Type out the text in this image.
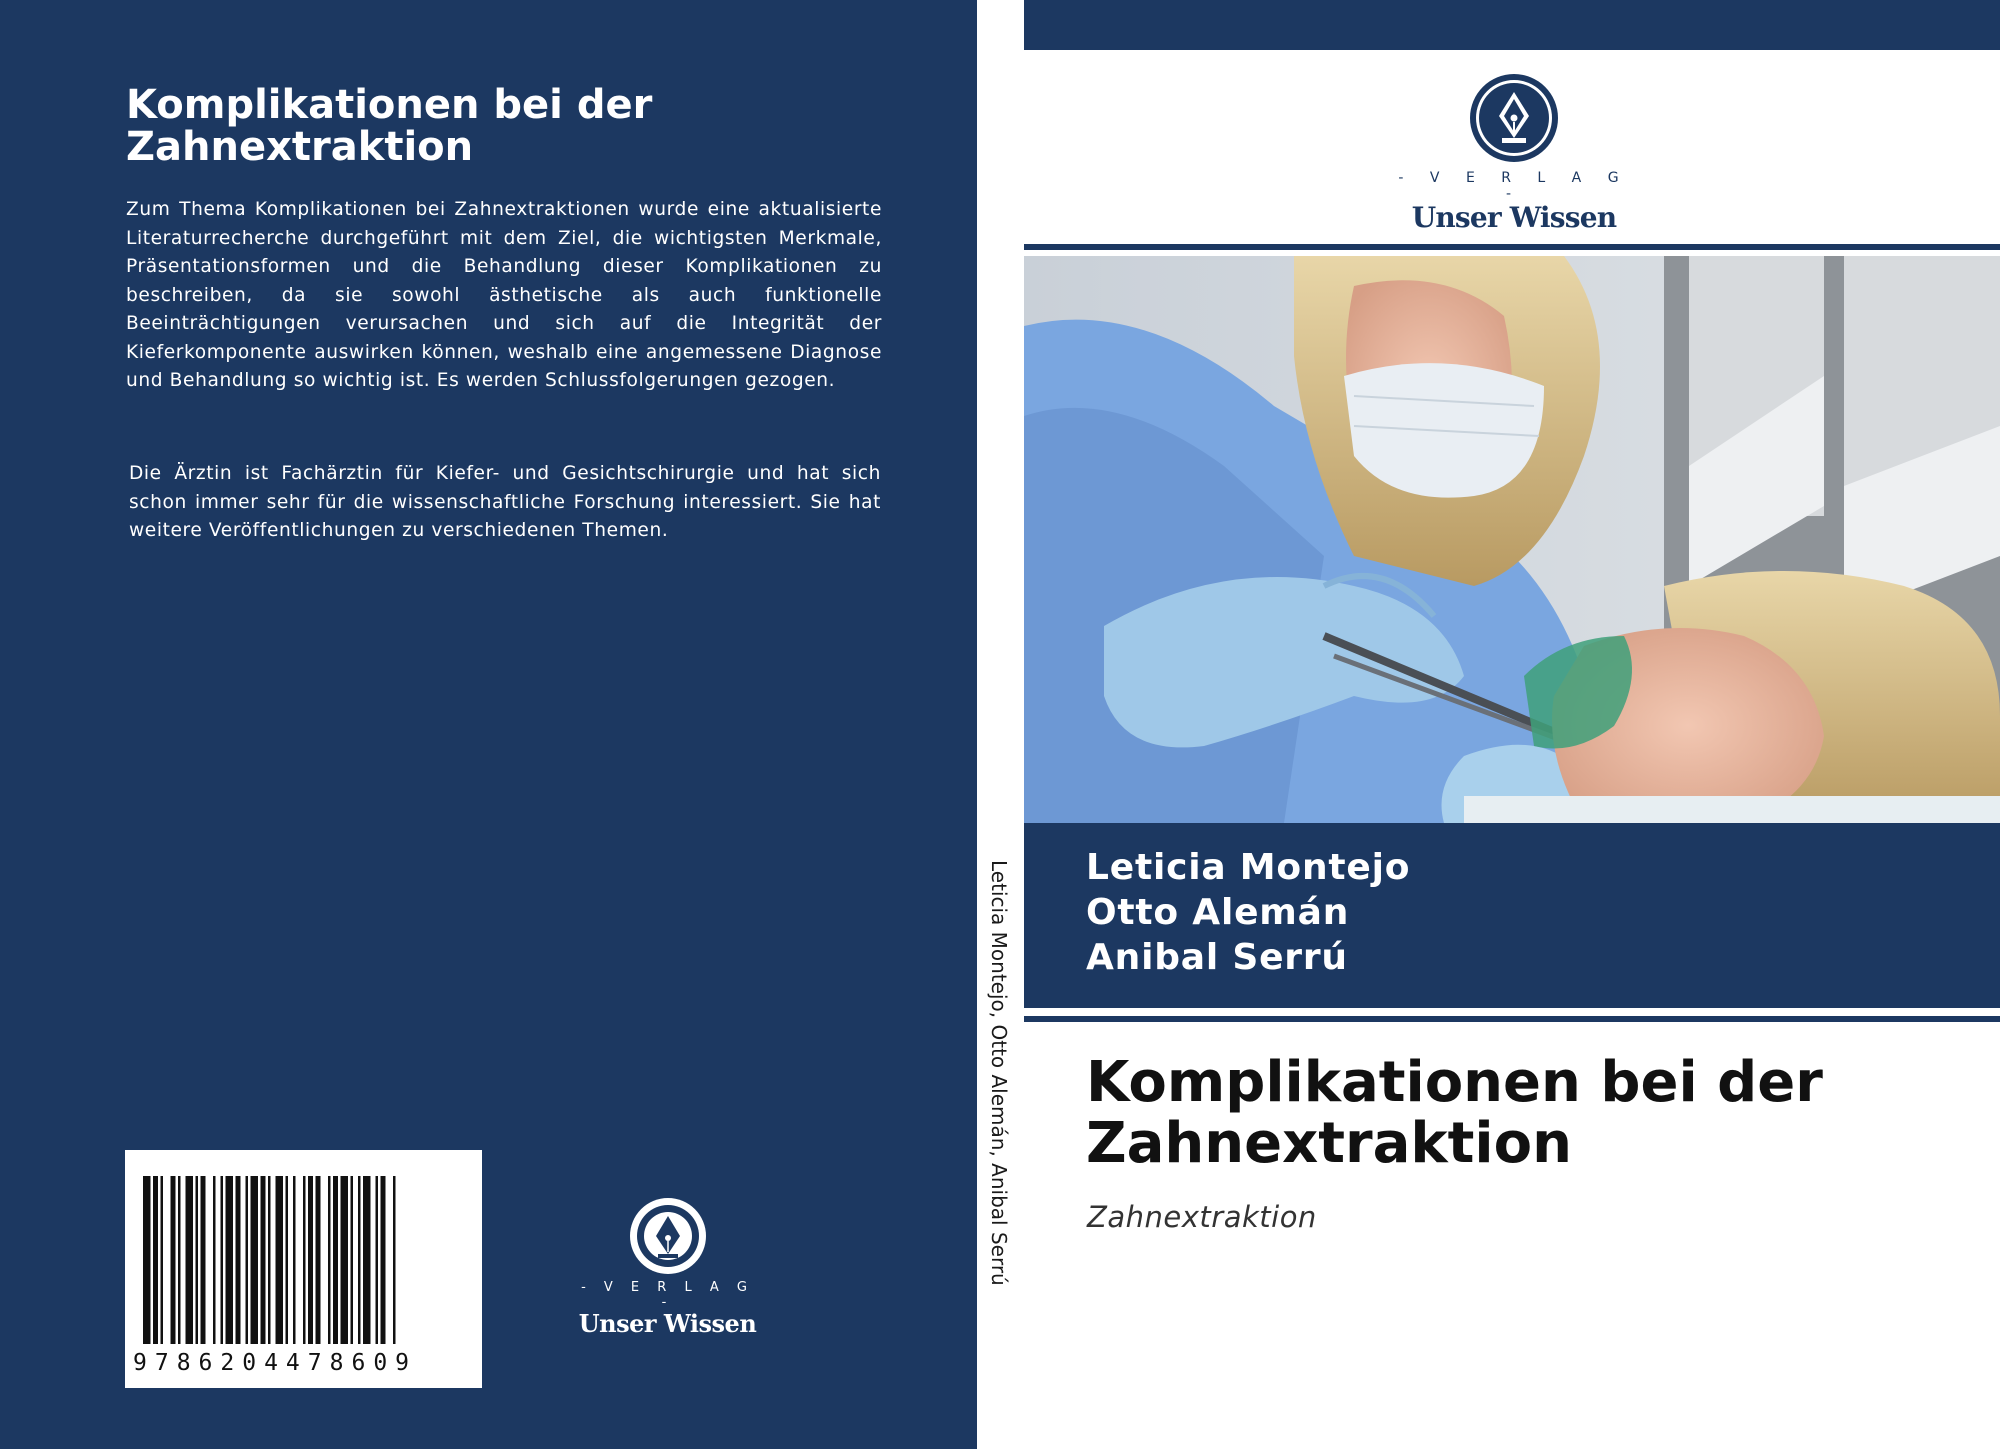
Komplikationen bei der
Zahnextraktion

Zum Thema Komplikationen bei Zahnextraktionen wurde eine aktualisierte Literaturrecherche durchgeführt mit dem Ziel, die wichtigsten Merkmale, Präsentationsformen und die Behandlung dieser Komplikationen zu beschreiben, da sie sowohl ästhetische als auch funktionelle Beeinträchtigungen verursachen und sich auf die Integrität der Kieferkomponente auswirken können, weshalb eine angemessene Diagnose und Behandlung so wichtig ist. Es werden Schlussfolgerungen gezogen.

Die Ärztin ist Fachärztin für Kiefer- und Gesichtschirurgie und hat sich schon immer sehr für die wissenschaftliche Forschung interessiert. Sie hat weitere Veröffentlichungen zu verschiedenen Themen.

9786204478609
- V E R L A G -
Unser Wissen
Leticia Montejo, Otto Alemán, Anibal Serrú
- V E R L A G -
Unser Wissen
Leticia Montejo
Otto Alemán
Anibal Serrú
Komplikationen bei der
Zahnextraktion
Zahnextraktion
